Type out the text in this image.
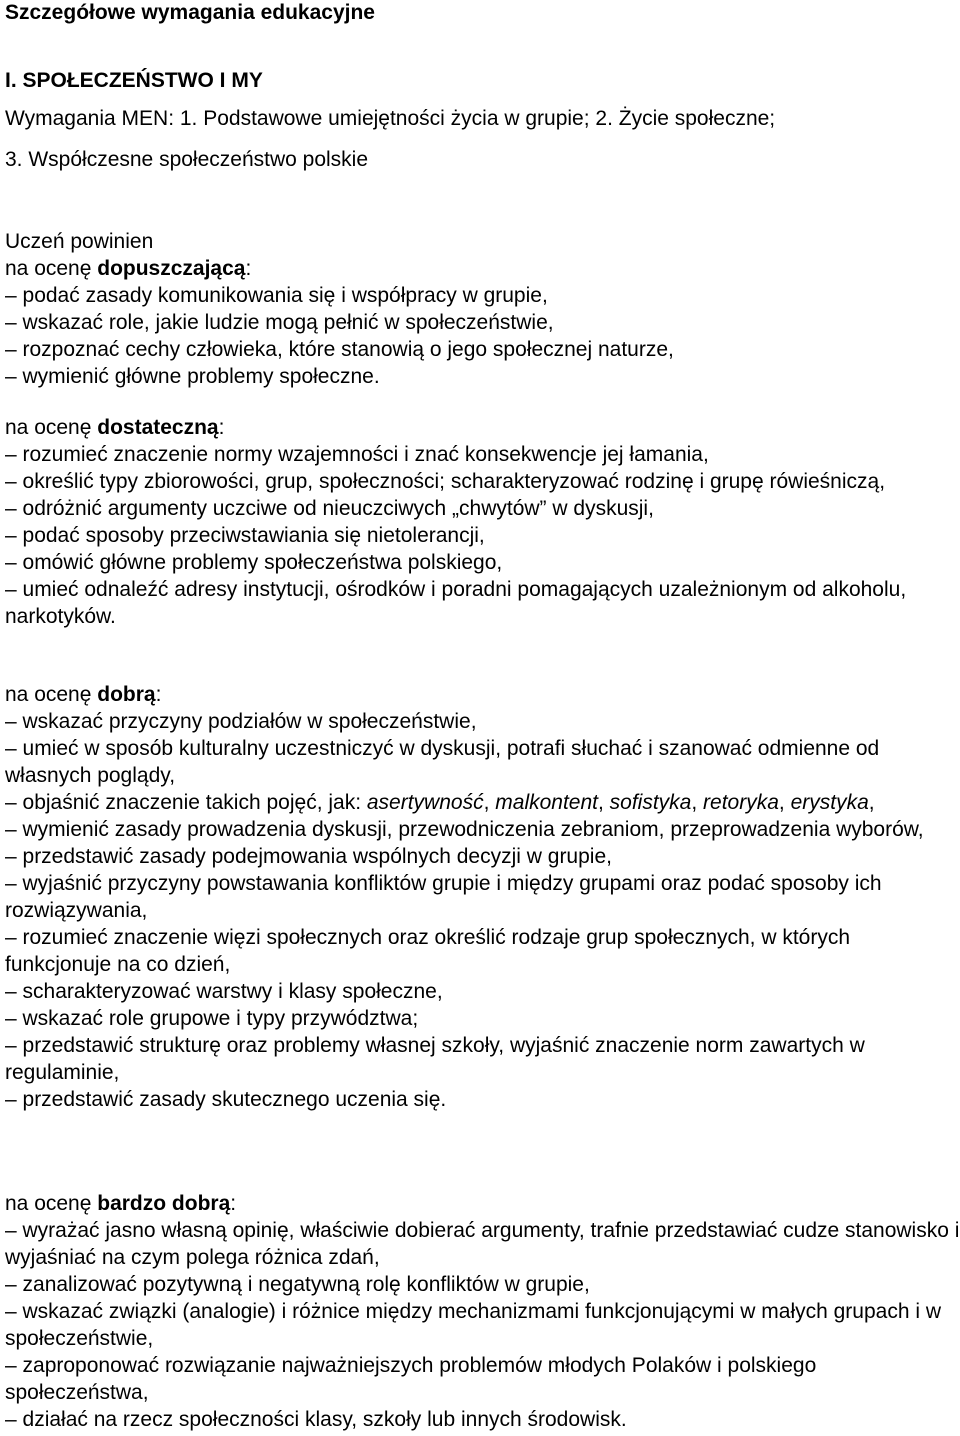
Szczegółowe wymagania edukacyjne
I. SPOŁECZEŃSTWO I MY
Wymagania MEN: 1. Podstawowe umiejętności życia w grupie; 2. Życie społeczne;
3. Współczesne społeczeństwo polskie
Uczeń powinien
na ocenę dopuszczającą:
– podać zasady komunikowania się i współpracy w grupie,
– wskazać role, jakie ludzie mogą pełnić w społeczeństwie,
– rozpoznać cechy człowieka, które stanowią o jego społecznej naturze,
– wymienić główne problemy społeczne.
na ocenę dostateczną:
– rozumieć znaczenie normy wzajemności i znać konsekwencje jej łamania,
– określić typy zbiorowości, grup, społeczności; scharakteryzować rodzinę i grupę rówieśniczą,
– odróżnić argumenty uczciwe od nieuczciwych „chwytów” w dyskusji,
– podać sposoby przeciwstawiania się nietolerancji,
– omówić główne problemy społeczeństwa polskiego,
– umieć odnaleźć adresy instytucji, ośrodków i poradni pomagających uzależnionym od alkoholu, narkotyków.
na ocenę dobrą:
– wskazać przyczyny podziałów w społeczeństwie,
– umieć w sposób kulturalny uczestniczyć w dyskusji, potrafi słuchać i szanować odmienne od własnych poglądy,
– objaśnić znaczenie takich pojęć, jak: asertywność, malkontent, sofistyka, retoryka, erystyka,
– wymienić zasady prowadzenia dyskusji, przewodniczenia zebraniom, przeprowadzenia wyborów,
– przedstawić zasady podejmowania wspólnych decyzji w grupie,
– wyjaśnić przyczyny powstawania konfliktów grupie i między grupami oraz podać sposoby ich rozwiązywania,
– rozumieć znaczenie więzi społecznych oraz określić rodzaje grup społecznych, w których funkcjonuje na co dzień,
– scharakteryzować warstwy i klasy społeczne,
– wskazać role grupowe i typy przywództwa;
– przedstawić strukturę oraz problemy własnej szkoły, wyjaśnić znaczenie norm zawartych w regulaminie,
– przedstawić zasady skutecznego uczenia się.
na ocenę bardzo dobrą:
– wyrażać jasno własną opinię, właściwie dobierać argumenty, trafnie przedstawiać cudze stanowisko i wyjaśniać na czym polega różnica zdań,
– zanalizować pozytywną i negatywną rolę konfliktów w grupie,
– wskazać związki (analogie) i różnice między mechanizmami funkcjonującymi w małych grupach i w społeczeństwie,
– zaproponować rozwiązanie najważniejszych problemów młodych Polaków i polskiego społeczeństwa,
– działać na rzecz społeczności klasy, szkoły lub innych środowisk.
